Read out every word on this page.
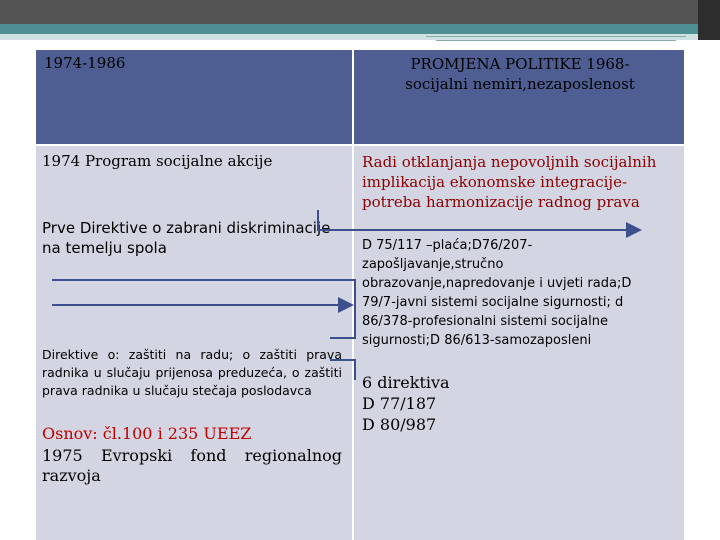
1974-1986	PROMJENA POLITIKE 1968-socijalni nemiri,nezaposlenost
1974 Program socijalne akcije
Prve Direktive o zabrani diskriminacije na temelju spola
Direktive o: zaštiti na radu; o zaštiti prava radnika u slučaju prijenosa preduzeća, o zaštiti prava radnika u slučaju stečaja poslodavca
Osnov: čl.100 i 235 UEEZ
1975 Evropski fond regionalnog razvoja
Radi otklanjanja nepovoljnih socijalnih implikacija ekonomske integracije-potreba harmonizacije radnog prava
D 75/117 –plaća;D76/207-zapošljavanje,stručno obrazovanje,napredovanje i uvjeti rada;D 79/7-javni sistemi socijalne sigurnosti; d 86/378-profesionalni sistemi socijalne sigurnosti;D 86/613-samozaposleni
6 direktiva
D 77/187
D 80/987
